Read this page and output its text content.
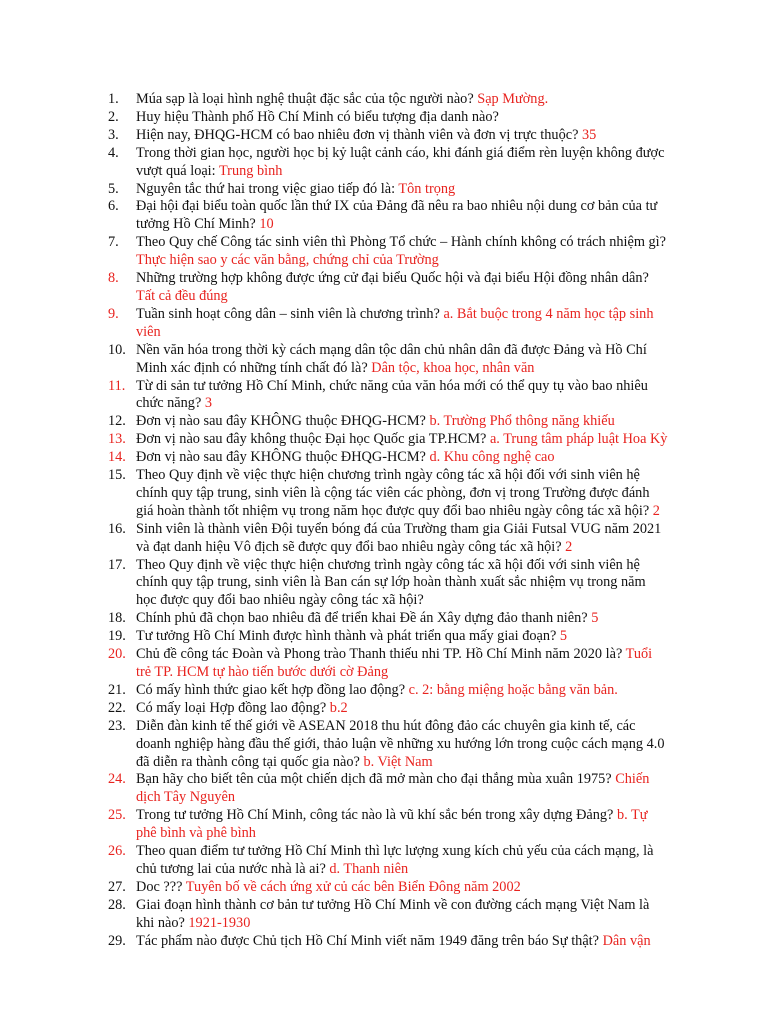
1.	Múa sạp là loại hình nghệ thuật đặc sắc của tộc người nào? Sạp Mường.
2.	Huy hiệu Thành phố Hồ Chí Minh có biểu tượng địa danh nào?
3.	Hiện nay, ĐHQG-HCM có bao nhiêu đơn vị thành viên và đơn vị trực thuộc? 35
4.	Trong thời gian học, người học bị kỷ luật cảnh cáo, khi đánh giá điểm rèn luyện không được vượt quá loại: Trung bình
5.	Nguyên tắc thứ hai trong việc giao tiếp đó là: Tôn trọng
6.	Đại hội đại biểu toàn quốc lần thứ IX của Đảng đã nêu ra bao nhiêu nội dung cơ bản của tư tưởng Hồ Chí Minh? 10
7.	Theo Quy chế Công tác sinh viên thì Phòng Tổ chức – Hành chính không có trách nhiệm gì? Thực hiện sao y các văn bằng, chứng chỉ của Trường
8.	Những trường hợp không được ứng cử đại biểu Quốc hội và đại biểu Hội đồng nhân dân? Tất cả đều đúng
9.	Tuần sinh hoạt công dân – sinh viên là chương trình? a. Bắt buộc trong 4 năm học tập sinh viên
10. Nền văn hóa trong thời kỳ cách mạng dân tộc dân chủ nhân dân đã được Đảng và Hồ Chí Minh xác định có những tính chất đó là? Dân tộc, khoa học, nhân văn
11. Từ di sản tư tưởng Hồ Chí Minh, chức năng của văn hóa mới có thể quy tụ vào bao nhiêu chức năng? 3
12. Đơn vị nào sau đây KHÔNG thuộc ĐHQG-HCM? b. Trường Phổ thông năng khiếu
13. Đơn vị nào sau đây không thuộc Đại học Quốc gia TP.HCM? a. Trung tâm pháp luật Hoa Kỳ
14. Đơn vị nào sau đây KHÔNG thuộc ĐHQG-HCM? d. Khu công nghệ cao
15. Theo Quy định về việc thực hiện chương trình ngày công tác xã hội đối với sinh viên hệ chính quy tập trung, sinh viên là cộng tác viên các phòng, đơn vị trong Trường được đánh giá hoàn thành tốt nhiệm vụ trong năm học được quy đổi bao nhiêu ngày công tác xã hội? 2
16. Sinh viên là thành viên Đội tuyển bóng đá của Trường tham gia Giải Futsal VUG năm 2021 và đạt danh hiệu Vô địch sẽ được quy đổi bao nhiêu ngày công tác xã hội? 2
17. Theo Quy định về việc thực hiện chương trình ngày công tác xã hội đối với sinh viên hệ chính quy tập trung, sinh viên là Ban cán sự lớp hoàn thành xuất sắc nhiệm vụ trong năm học được quy đổi bao nhiêu ngày công tác xã hội?
18. Chính phủ đã chọn bao nhiêu đã để triển khai Đề án Xây dựng đảo thanh niên? 5
19. Tư tưởng Hồ Chí Minh được hình thành và phát triển qua mấy giai đoạn? 5
20. Chủ đề công tác Đoàn và Phong trào Thanh thiếu nhi TP. Hồ Chí Minh năm 2020 là? Tuổi trẻ TP. HCM tự hào tiến bước dưới cờ Đảng
21. Có mấy hình thức giao kết hợp đồng lao động? c. 2: bằng miệng hoặc bằng văn bản.
22. Có mấy loại Hợp đồng lao động? b.2
23. Diễn đàn kinh tế thế giới về ASEAN 2018 thu hút đông đảo các chuyên gia kinh tế, các doanh nghiệp hàng đầu thế giới, thảo luận về những xu hướng lớn trong cuộc cách mạng 4.0 đã diễn ra thành công tại quốc gia nào? b. Việt Nam
24. Bạn hãy cho biết tên của một chiến dịch đã mở màn cho đại thắng mùa xuân 1975? Chiến dịch Tây Nguyên
25. Trong tư tưởng Hồ Chí Minh, công tác nào là vũ khí sắc bén trong xây dựng Đảng? b. Tự phê bình và phê bình
26. Theo quan điểm tư tưởng Hồ Chí Minh thì lực lượng xung kích chủ yếu của cách mạng, là chủ tương lai của nước nhà là ai? d. Thanh niên
27. Doc ??? Tuyên bố về cách ứng xử củ các bên Biển Đông năm 2002
28. Giai đoạn hình thành cơ bản tư tưởng Hồ Chí Minh về con đường cách mạng Việt Nam là khi nào? 1921-1930
29. Tác phẩm nào được Chủ tịch Hồ Chí Minh viết năm 1949 đăng trên báo Sự thật? Dân vận
